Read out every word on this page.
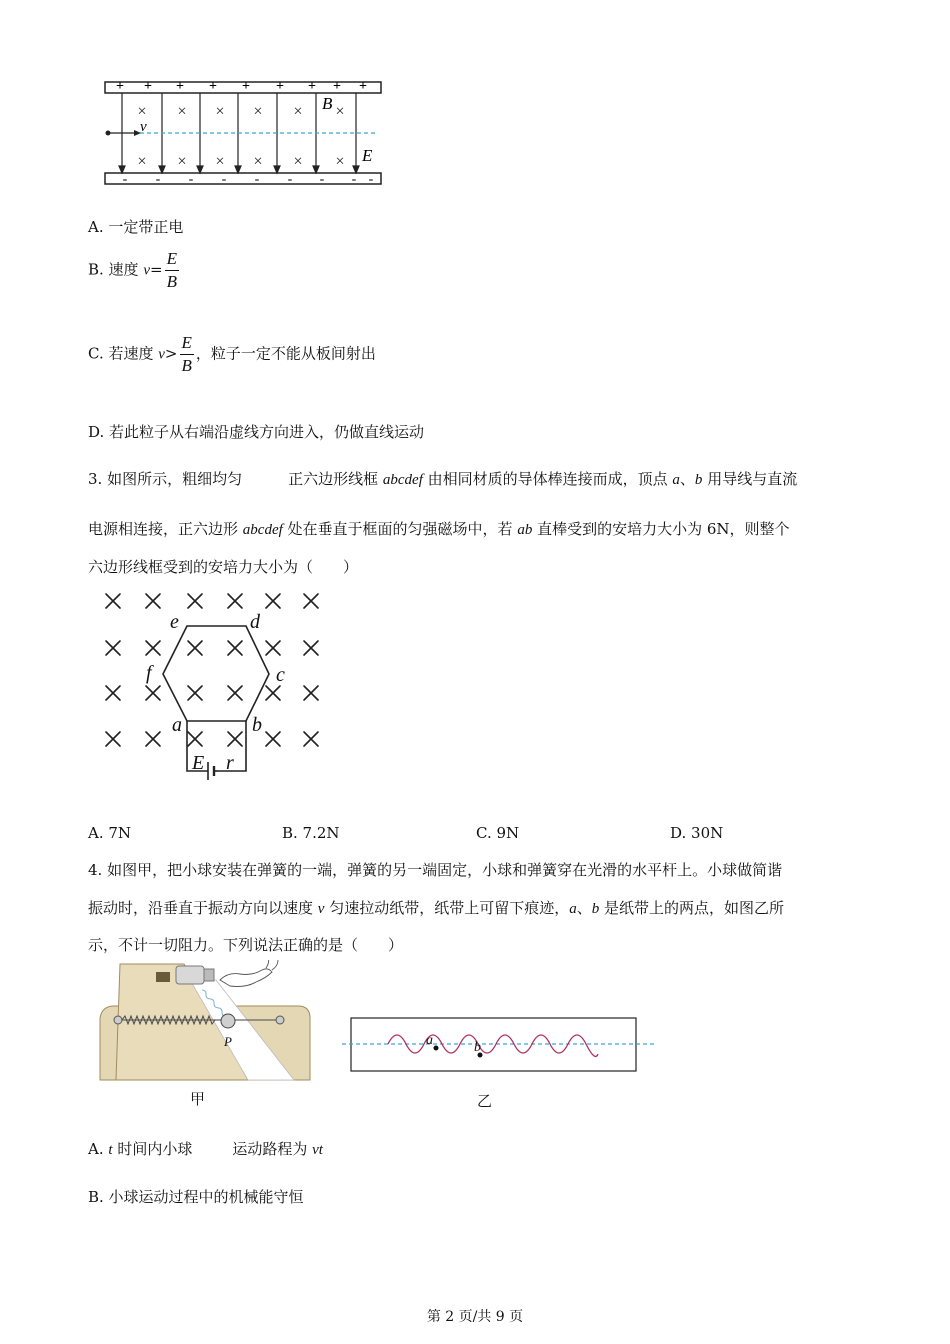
+ + + + + + + + +
- - - - - - - - -
× × × × × ×
× × × × × ×
v
B
E
A. 一定带正电
B. 速度 $v= \frac{E}{B}$
C. 若速度 $v> \frac{E}{B}$ ，粒子一定不能从板间射出
D. 若此粒子从右端沿虚线方向进入，仍做直线运动
3. 如图所示，粗细均匀	正六边形线框 abcdef 由相同材质的导体棒连接而成，顶点 a、b 用导线与直流
电源相连接，正六边形 abcdef 处在垂直于框面的匀强磁场中，若 ab 直棒受到的安培力大小为 6N，则整个
六边形线框受到的安培力大小为（　　）
e	d
f	c
a	b
E r
A. 7N	B. 7.2N	C. 9N	D. 30N
4. 如图甲，把小球安装在弹簧的一端，弹簧的另一端固定，小球和弹簧穿在光滑的水平杆上。小球做简谐
振动时，沿垂直于振动方向以速度 v 匀速拉动纸带，纸带上可留下痕迹，a、b 是纸带上的两点，如图乙所
示，不计一切阻力。下列说法正确的是（　　）
P
甲
a	b
乙
A. t 时间内小球	运动路程为 vt
B. 小球运动过程中的机械能守恒
第 2 页/共 9 页
